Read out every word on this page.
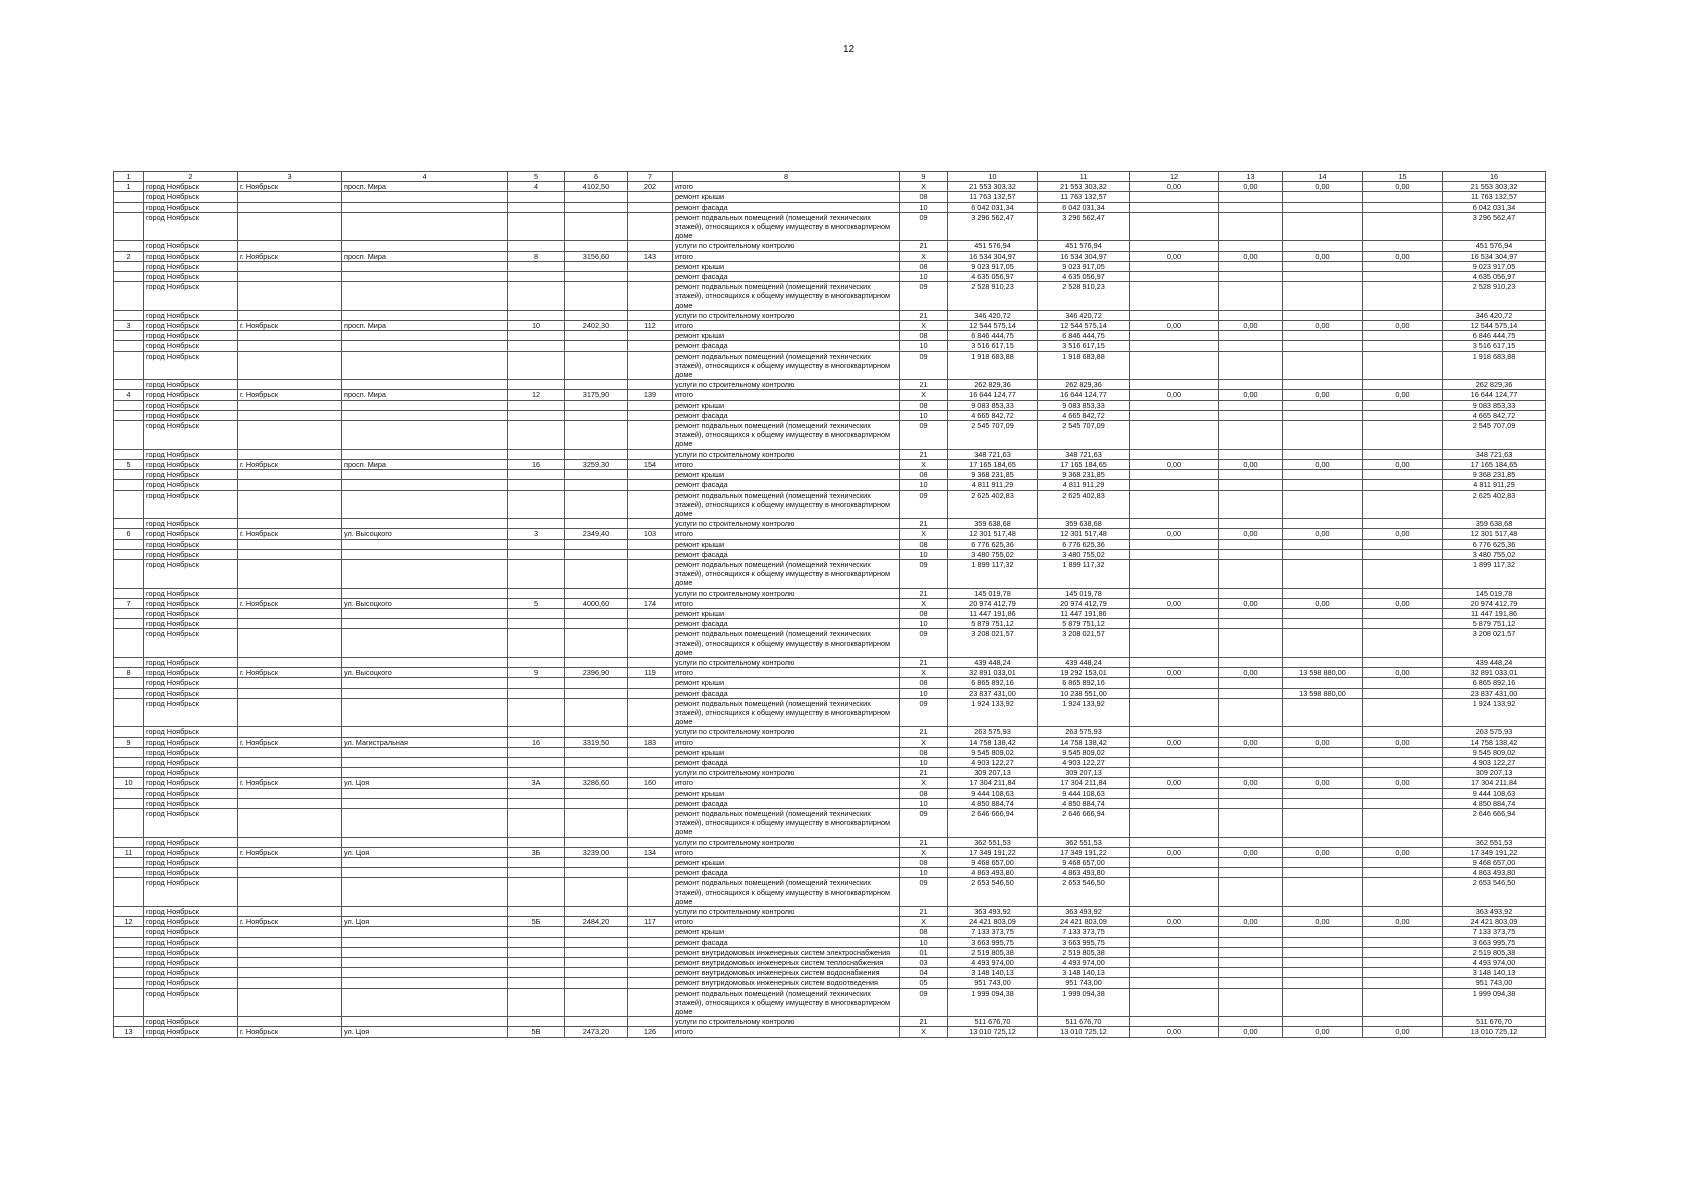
12
1	2	3	4	5	6	7	8	9	10	11	12	13	14	15	16
1	город Ноябрьск	г. Ноябрьск	просп. Мира	4	4102,50	202	итого	X	21 553 303,32	21 553 303,32	0,00	0,00	0,00	0,00	21 553 303,32
	город Ноябрьск						ремонт крыши	08	11 763 132,57	11 763 132,57					11 763 132,57
	город Ноябрьск						ремонт фасада	10	6 042 031,34	6 042 031,34					6 042 031,34
	город Ноябрьск						ремонт подвальных помещений (помещений технических этажей), относящихся к общему имуществу в многоквартирном доме	09	3 296 562,47	3 296 562,47					3 296 562,47
	город Ноябрьск						услуги по строительному контролю	21	451 576,94	451 576,94					451 576,94
2	город Ноябрьск	г. Ноябрьск	просп. Мира	8	3156,60	143	итого	X	16 534 304,97	16 534 304,97	0,00	0,00	0,00	0,00	16 534 304,97
	город Ноябрьск						ремонт крыши	08	9 023 917,05	9 023 917,05					9 023 917,05
	город Ноябрьск						ремонт фасада	10	4 635 056,97	4 635 056,97					4 635 056,97
	город Ноябрьск						ремонт подвальных помещений (помещений технических этажей), относящихся к общему имуществу в многоквартирном доме	09	2 528 910,23	2 528 910,23					2 528 910,23
	город Ноябрьск						услуги по строительному контролю	21	346 420,72	346 420,72					346 420,72
3	город Ноябрьск	г. Ноябрьск	просп. Мира	10	2402,30	112	итого	X	12 544 575,14	12 544 575,14	0,00	0,00	0,00	0,00	12 544 575,14
	город Ноябрьск						ремонт крыши	08	6 846 444,75	6 846 444,75					6 846 444,75
	город Ноябрьск						ремонт фасада	10	3 516 617,15	3 516 617,15					3 516 617,15
	город Ноябрьск						ремонт подвальных помещений (помещений технических этажей), относящихся к общему имуществу в многоквартирном доме	09	1 918 683,88	1 918 683,88					1 918 683,88
	город Ноябрьск						услуги по строительному контролю	21	262 829,36	262 829,36					262 829,36
4	город Ноябрьск	г. Ноябрьск	просп. Мира	12	3175,90	139	итого	X	16 644 124,77	16 644 124,77	0,00	0,00	0,00	0,00	16 644 124,77
	город Ноябрьск						ремонт крыши	08	9 083 853,33	9 083 853,33					9 083 853,33
	город Ноябрьск						ремонт фасада	10	4 665 842,72	4 665 842,72					4 665 842,72
	город Ноябрьск						ремонт подвальных помещений (помещений технических этажей), относящихся к общему имуществу в многоквартирном доме	09	2 545 707,09	2 545 707,09					2 545 707,09
	город Ноябрьск						услуги по строительному контролю	21	348 721,63	348 721,63					348 721,63
5	город Ноябрьск	г. Ноябрьск	просп. Мира	16	3259,30	154	итого	X	17 165 184,65	17 165 184,65	0,00	0,00	0,00	0,00	17 165 184,65
	город Ноябрьск						ремонт крыши	08	9 368 231,85	9 368 231,85					9 368 231,85
	город Ноябрьск						ремонт фасада	10	4 811 911,29	4 811 911,29					4 811 911,29
	город Ноябрьск						ремонт подвальных помещений (помещений технических этажей), относящихся к общему имуществу в многоквартирном доме	09	2 625 402,83	2 625 402,83					2 625 402,83
	город Ноябрьск						услуги по строительному контролю	21	359 638,68	359 638,68					359 638,68
6	город Ноябрьск	г. Ноябрьск	ул. Высоцкого	3	2349,40	103	итого	X	12 301 517,48	12 301 517,48	0,00	0,00	0,00	0,00	12 301 517,48
	город Ноябрьск						ремонт крыши	08	6 776 625,36	6 776 625,36					6 776 625,36
	город Ноябрьск						ремонт фасада	10	3 480 755,02	3 480 755,02					3 480 755,02
	город Ноябрьск						ремонт подвальных помещений (помещений технических этажей), относящихся к общему имуществу в многоквартирном доме	09	1 899 117,32	1 899 117,32					1 899 117,32
	город Ноябрьск						услуги по строительному контролю	21	145 019,78	145 019,78					145 019,78
7	город Ноябрьск	г. Ноябрьск	ул. Высоцкого	5	4000,60	174	итого	X	20 974 412,79	20 974 412,79	0,00	0,00	0,00	0,00	20 974 412,79
	город Ноябрьск						ремонт крыши	08	11 447 191,86	11 447 191,86					11 447 191,86
	город Ноябрьск						ремонт фасада	10	5 879 751,12	5 879 751,12					5 879 751,12
	город Ноябрьск						ремонт подвальных помещений (помещений технических этажей), относящихся к общему имуществу в многоквартирном доме	09	3 208 021,57	3 208 021,57					3 208 021,57
	город Ноябрьск						услуги по строительному контролю	21	439 448,24	439 448,24					439 448,24
8	город Ноябрьск	г. Ноябрьск	ул. Высоцкого	9	2396,90	119	итого	X	32 891 033,01	19 292 153,01	0,00	0,00	13 598 880,00	0,00	32 891 033,01
	город Ноябрьск						ремонт крыши	08	6 865 892,16	6 865 892,16					6 865 892,16
	город Ноябрьск						ремонт фасада	10	23 837 431,00	10 238 551,00			13 598 880,00		23 837 431,00
	город Ноябрьск						ремонт подвальных помещений (помещений технических этажей), относящихся к общему имуществу в многоквартирном доме	09	1 924 133,92	1 924 133,92					1 924 133,92
	город Ноябрьск						услуги по строительному контролю	21	263 575,93	263 575,93					263 575,93
9	город Ноябрьск	г. Ноябрьск	ул. Магистральная	16	3319,50	183	итого	X	14 758 138,42	14 758 138,42	0,00	0,00	0,00	0,00	14 758 138,42
	город Ноябрьск						ремонт крыши	08	9 545 809,02	9 545 809,02					9 545 809,02
	город Ноябрьск						ремонт фасада	10	4 903 122,27	4 903 122,27					4 903 122,27
	город Ноябрьск						услуги по строительному контролю	21	309 207,13	309 207,13					309 207,13
10	город Ноябрьск	г. Ноябрьск	ул. Цоя	3А	3286,60	160	итого	X	17 304 211,84	17 304 211,84	0,00	0,00	0,00	0,00	17 304 211,84
	город Ноябрьск						ремонт крыши	08	9 444 108,63	9 444 108,63					9 444 108,63
	город Ноябрьск						ремонт фасада	10	4 850 884,74	4 850 884,74					4 850 884,74
	город Ноябрьск						ремонт подвальных помещений (помещений технических этажей), относящихся к общему имуществу в многоквартирном доме	09	2 646 666,94	2 646 666,94					2 646 666,94
	город Ноябрьск						услуги по строительному контролю	21	362 551,53	362 551,53					362 551,53
11	город Ноябрьск	г. Ноябрьск	ул. Цоя	3Б	3239,00	134	итого	X	17 349 191,22	17 349 191,22	0,00	0,00	0,00	0,00	17 349 191,22
	город Ноябрьск						ремонт крыши	08	9 468 657,00	9 468 657,00					9 468 657,00
	город Ноябрьск						ремонт фасада	10	4 863 493,80	4 863 493,80					4 863 493,80
	город Ноябрьск						ремонт подвальных помещений (помещений технических этажей), относящихся к общему имуществу в многоквартирном доме	09	2 653 546,50	2 653 546,50					2 653 546,50
	город Ноябрьск						услуги по строительному контролю	21	363 493,92	363 493,92					363 493,92
12	город Ноябрьск	г. Ноябрьск	ул. Цоя	5Б	2484,20	117	итого	X	24 421 803,09	24 421 803,09	0,00	0,00	0,00	0,00	24 421 803,09
	город Ноябрьск						ремонт крыши	08	7 133 373,75	7 133 373,75					7 133 373,75
	город Ноябрьск						ремонт фасада	10	3 663 995,75	3 663 995,75					3 663 995,75
	город Ноябрьск						ремонт внутридомовых инженерных систем электроснабжения	01	2 519 805,38	2 519 805,38					2 519 805,38
	город Ноябрьск						ремонт внутридомовых инженерных систем теплоснабжения	03	4 493 974,00	4 493 974,00					4 493 974,00
	город Ноябрьск						ремонт внутридомовых инженерных систем водоснабжения	04	3 148 140,13	3 148 140,13					3 148 140,13
	город Ноябрьск						ремонт внутридомовых инженерных систем водоотведения	05	951 743,00	951 743,00					951 743,00
	город Ноябрьск						ремонт подвальных помещений (помещений технических этажей), относящихся к общему имуществу в многоквартирном доме	09	1 999 094,38	1 999 094,38					1 999 094,38
	город Ноябрьск						услуги по строительному контролю	21	511 676,70	511 676,70					511 676,70
13	город Ноябрьск	г. Ноябрьск	ул. Цоя	5В	2473,20	126	итого	X	13 010 725,12	13 010 725,12	0,00	0,00	0,00	0,00	13 010 725,12
